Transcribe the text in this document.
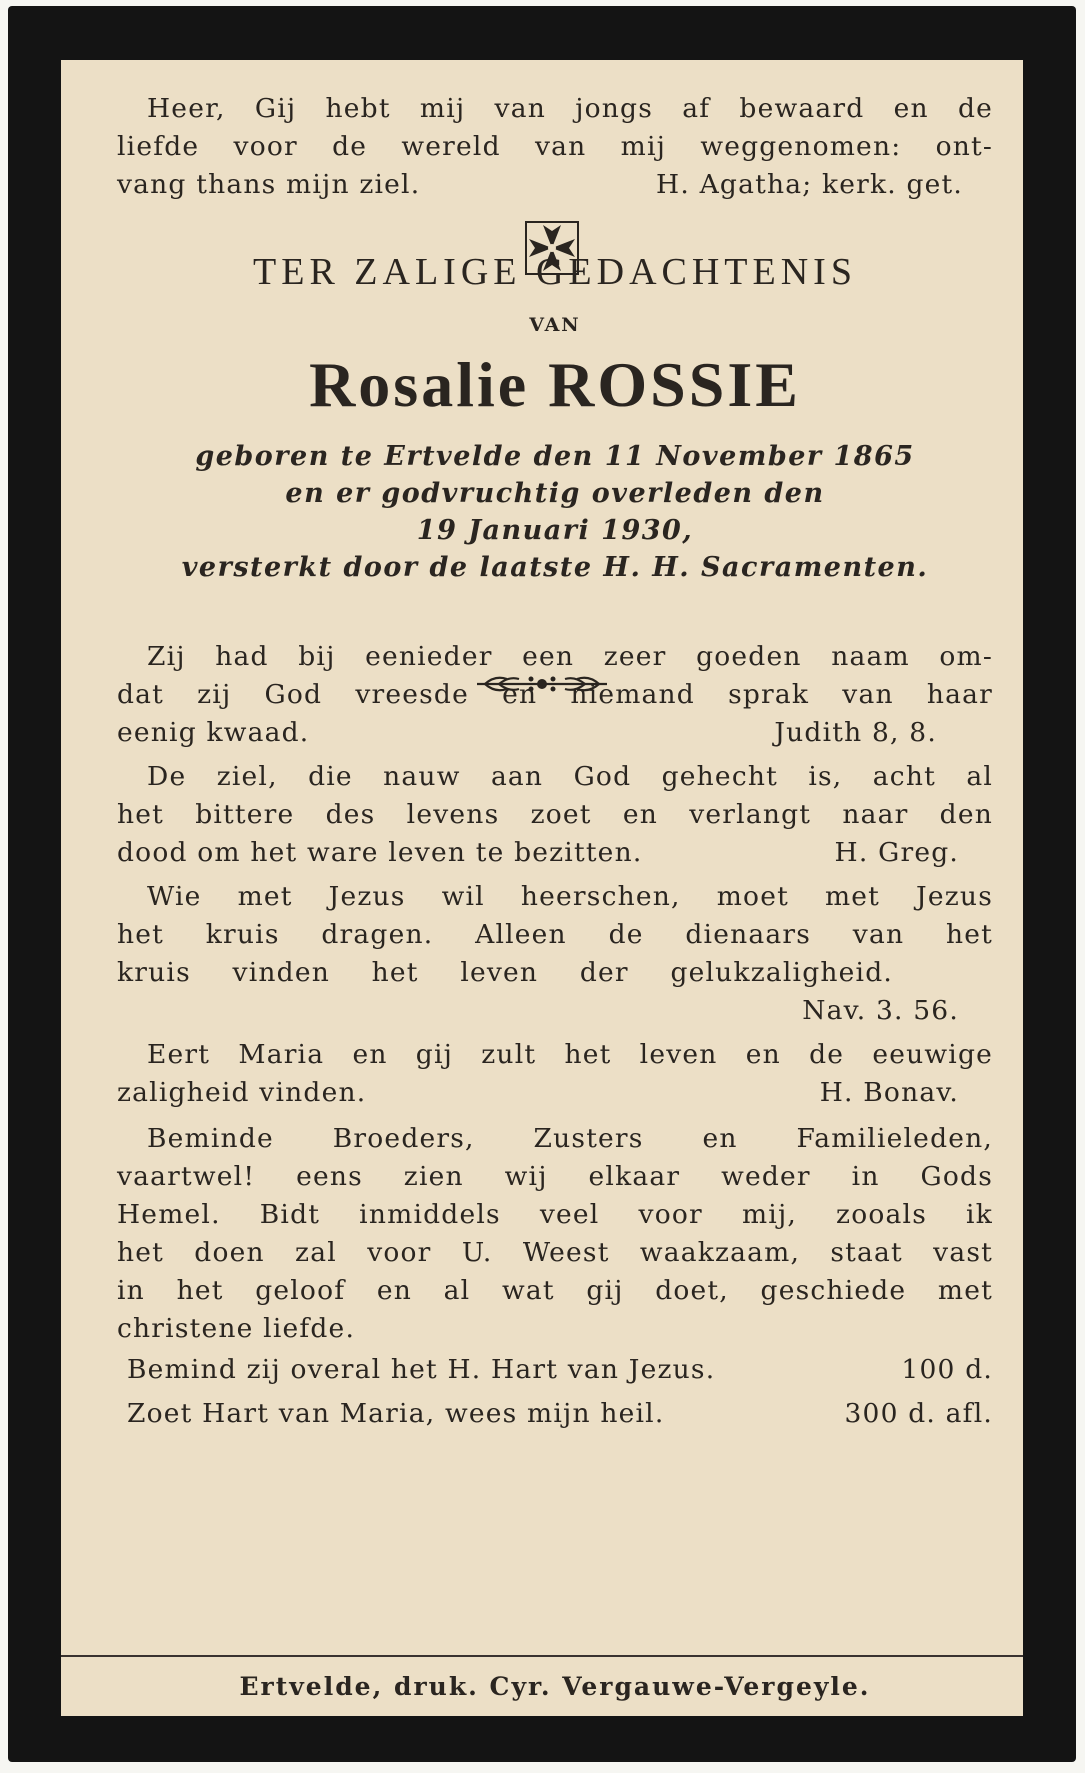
Heer, Gij hebt mij van jongs af bewaard en de
liefde voor de wereld van mij weggenomen: ont-
vang thans mijn ziel.	H. Agatha; kerk. get.
TER ZALIGE GEDACHTENIS
VAN
Rosalie ROSSIE
geboren te Ertvelde den 11 November 1865
en er godvruchtig overleden den
19 Januari 1930,
versterkt door de laatste H. H. Sacramenten.
Zij had bij eenieder een zeer goeden naam om-
dat zij God vreesde en niemand sprak van haar
eenig kwaad.	Judith 8, 8.
De ziel, die nauw aan God gehecht is, acht al
het bittere des levens zoet en verlangt naar den
dood om het ware leven te bezitten.	H. Greg.
Wie met Jezus wil heerschen, moet met Jezus
het kruis dragen. Alleen de dienaars van het
kruis vinden het leven der gelukzaligheid.
Nav. 3. 56.
Eert Maria en gij zult het leven en de eeuwige
zaligheid vinden.	H. Bonav.
Beminde Broeders, Zusters en Familieleden,
vaartwel! eens zien wij elkaar weder in Gods
Hemel. Bidt inmiddels veel voor mij, zooals ik
het doen zal voor U. Weest waakzaam, staat vast
in het geloof en al wat gij doet, geschiede met
christene liefde.
Bemind zij overal het H. Hart van Jezus.	100 d.
Zoet Hart van Maria, wees mijn heil.	300 d. afl.
Ertvelde, druk. Cyr. Vergauwe-Vergeyle.
